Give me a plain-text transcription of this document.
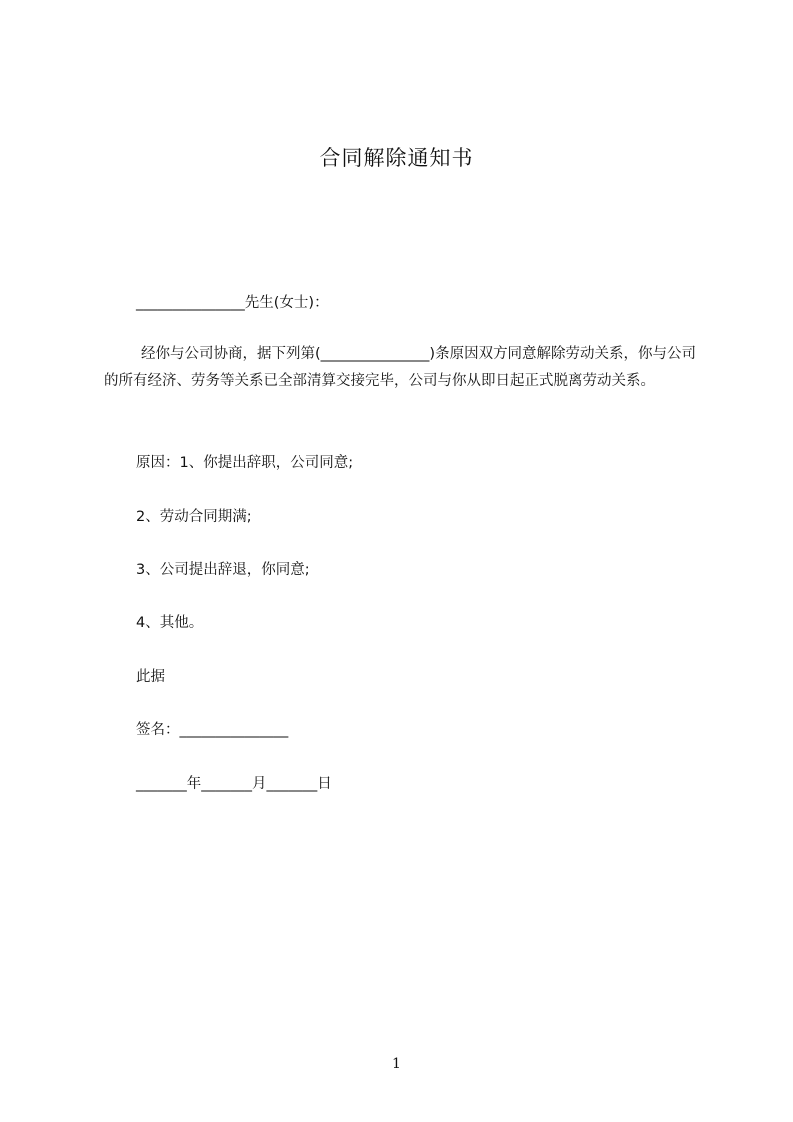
合同解除通知书
_______________先生(女士)：
经你与公司协商，据下列第(_______________)条原因双方同意解除劳动关系，你与公司的所有经济、劳务等关系已全部清算交接完毕，公司与你从即日起正式脱离劳动关系。
原因：1、你提出辞职，公司同意;
2、劳动合同期满;
3、公司提出辞退，你同意;
4、其他。
此据
签名：_______________
_______年_______月_______日
1
